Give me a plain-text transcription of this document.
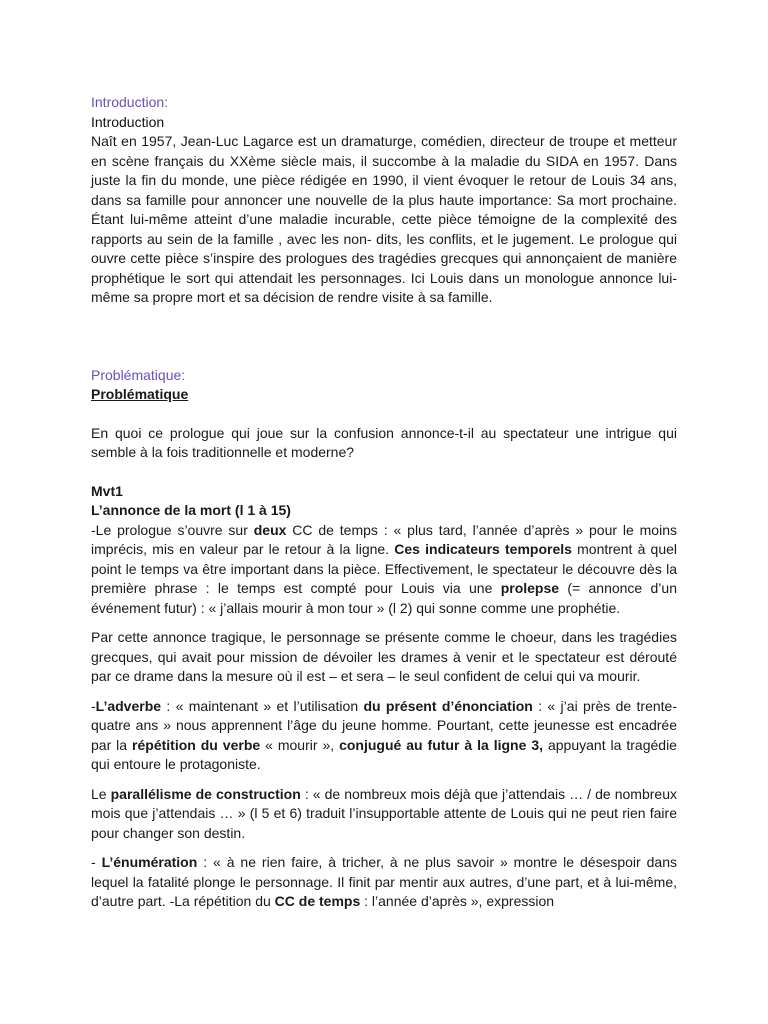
Introduction:
Introduction

Naît en 1957, Jean-Luc Lagarce est un dramaturge, comédien, directeur de troupe et metteur en scène français du XXème siècle mais, il succombe à la maladie du SIDA en 1957. Dans juste la fin du monde, une pièce rédigée en 1990, il vient évoquer le retour de Louis 34 ans, dans sa famille pour annoncer une nouvelle de la plus haute importance: Sa mort prochaine. Étant lui-même atteint d’une maladie incurable, cette pièce témoigne de la complexité des rapports au sein de la famille , avec les non- dits, les conflits, et le jugement. Le prologue qui ouvre cette pièce s’inspire des prologues des tragédies grecques qui annonçaient de manière prophétique le sort qui attendait les personnages. Ici Louis dans un monologue annonce lui-même sa propre mort et sa décision de rendre visite à sa famille.

Problématique:
Problématique

En quoi ce prologue qui joue sur la confusion annonce-t-il au spectateur une intrigue qui semble à la fois traditionnelle et moderne?

Mvt1
L’annonce de la mort (l 1 à 15)

-Le prologue s’ouvre sur deux CC de temps : « plus tard, l’année d’après » pour le moins imprécis, mis en valeur par le retour à la ligne. Ces indicateurs temporels montrent à quel point le temps va être important dans la pièce. Effectivement, le spectateur le découvre dès la première phrase : le temps est compté pour Louis via une prolepse (= annonce d’un événement futur) : « j’allais mourir à mon tour » (l 2) qui sonne comme une prophétie.

Par cette annonce tragique, le personnage se présente comme le choeur, dans les tragédies grecques, qui avait pour mission de dévoiler les drames à venir et le spectateur est dérouté par ce drame dans la mesure où il est – et sera – le seul confident de celui qui va mourir.

-L’adverbe : « maintenant » et l’utilisation du présent d’énonciation : « j’ai près de trente-quatre ans » nous apprennent l’âge du jeune homme. Pourtant, cette jeunesse est encadrée par la répétition du verbe « mourir », conjugué au futur à la ligne 3, appuyant la tragédie qui entoure le protagoniste.

Le parallélisme de construction : « de nombreux mois déjà que j’attendais … / de nombreux mois que j’attendais … » (l 5 et 6) traduit l’insupportable attente de Louis qui ne peut rien faire pour changer son destin.

- L’énumération : « à ne rien faire, à tricher, à ne plus savoir » montre le désespoir dans lequel la fatalité plonge le personnage. Il finit par mentir aux autres, d’une part, et à lui-même, d’autre part. -La répétition du CC de temps : l’année d’après », expression
